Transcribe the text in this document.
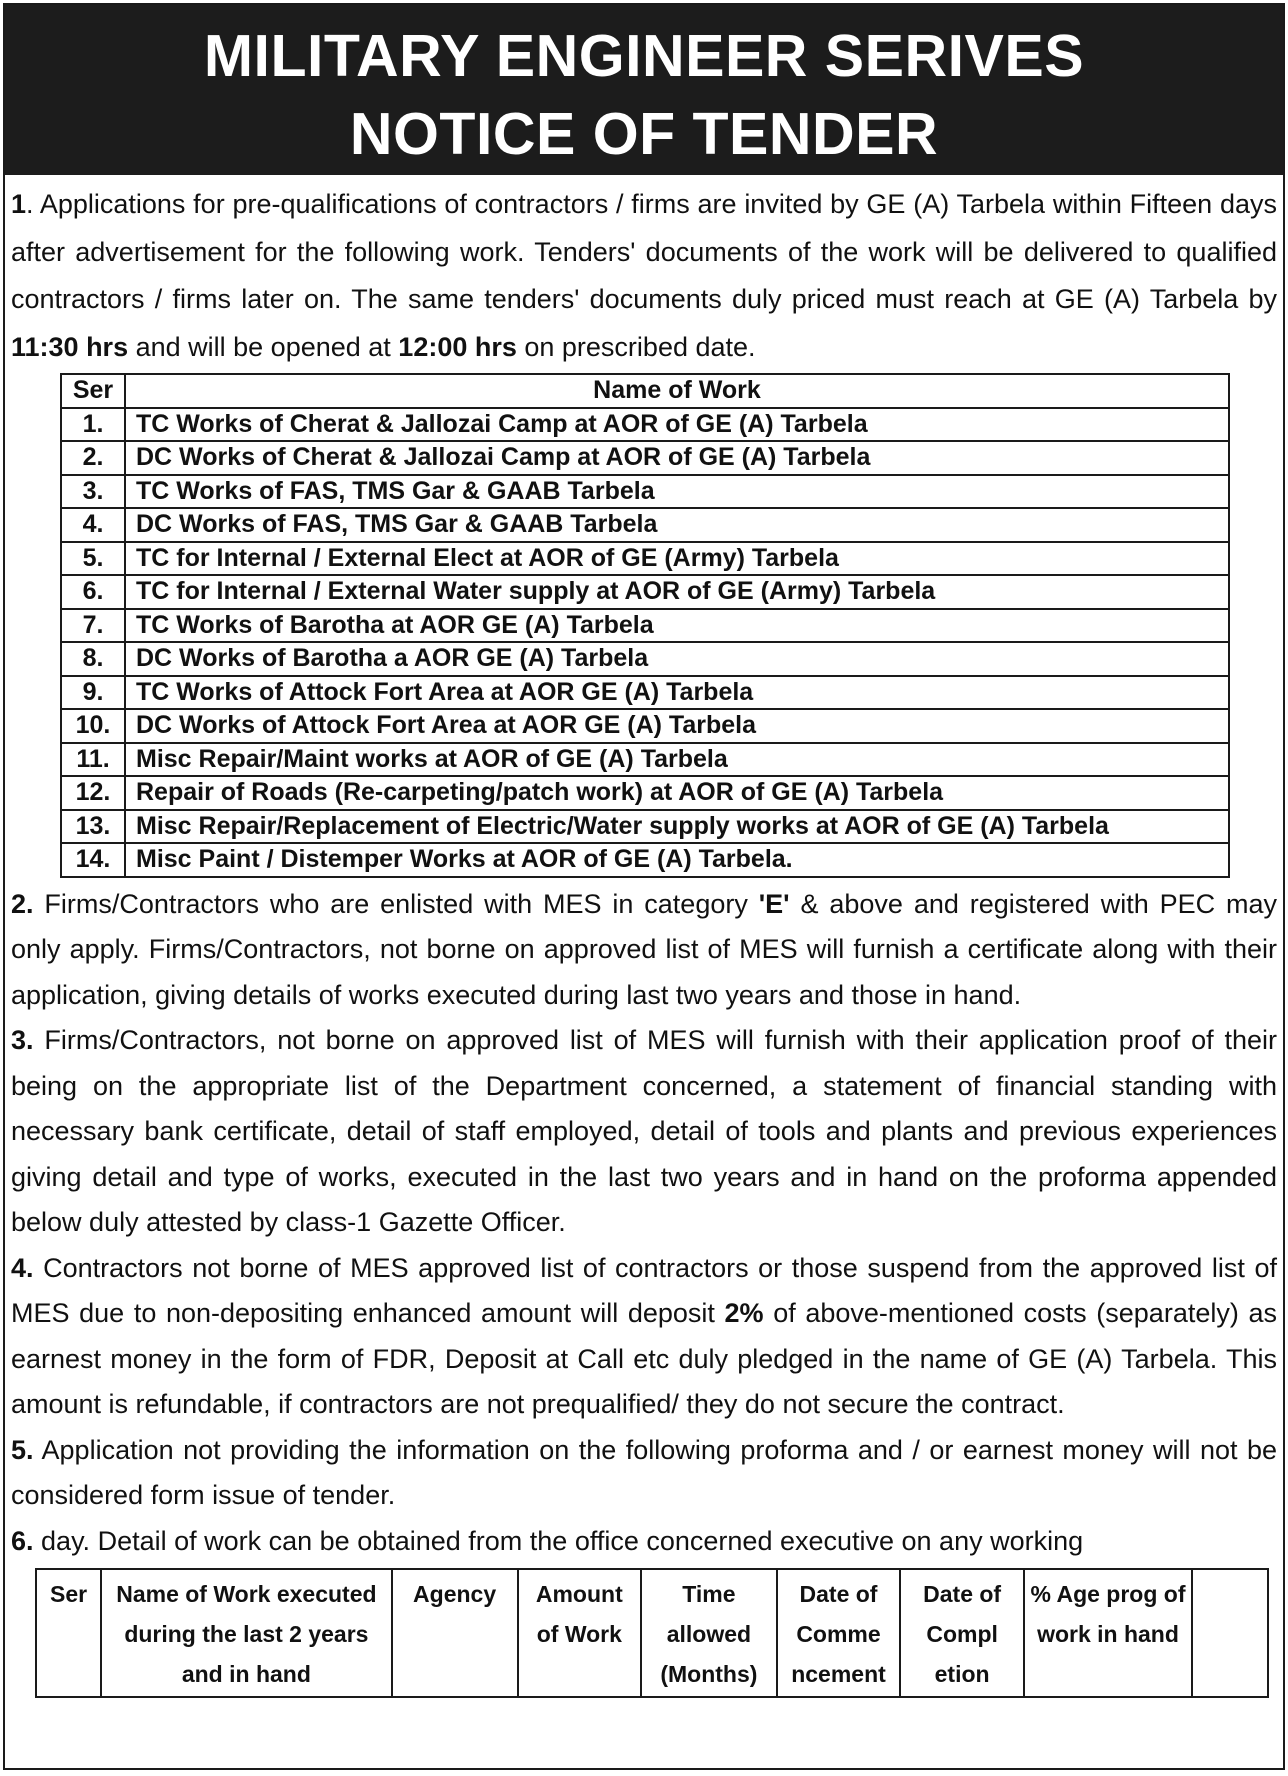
MILITARY ENGINEER SERIVES
NOTICE OF TENDER

1. Applications for pre-qualifications of contractors / firms are invited by GE (A) Tarbela within Fifteen days after advertisement for the following work. Tenders' documents of the work will be delivered to qualified contractors / firms later on. The same tenders' documents duly priced must reach at GE (A) Tarbela by 11:30 hrs and will be opened at 12:00 hrs on prescribed date.

Ser	Name of Work
1.	TC Works of Cherat & Jallozai Camp at AOR of GE (A) Tarbela
2.	DC Works of Cherat & Jallozai Camp at AOR of GE (A) Tarbela
3.	TC Works of FAS, TMS Gar & GAAB Tarbela
4.	DC Works of FAS, TMS Gar & GAAB Tarbela
5.	TC for Internal / External Elect at AOR of GE (Army) Tarbela
6.	TC for Internal / External Water supply at AOR of GE (Army) Tarbela
7.	TC Works of Barotha at AOR GE (A) Tarbela
8.	DC Works of Barotha a AOR GE (A) Tarbela
9.	TC Works of Attock Fort Area at AOR GE (A) Tarbela
10.	DC Works of Attock Fort Area at AOR GE (A) Tarbela
11.	Misc Repair/Maint works at AOR of GE (A) Tarbela
12.	Repair of Roads (Re-carpeting/patch work) at AOR of GE (A) Tarbela
13.	Misc Repair/Replacement of Electric/Water supply works at AOR of GE (A) Tarbela
14.	Misc Paint / Distemper Works at AOR of GE (A) Tarbela.

2. Firms/Contractors who are enlisted with MES in category 'E' & above and registered with PEC may only apply. Firms/Contractors, not borne on approved list of MES will furnish a certificate along with their application, giving details of works executed during last two years and those in hand.

3. Firms/Contractors, not borne on approved list of MES will furnish with their application proof of their being on the appropriate list of the Department concerned, a statement of financial standing with necessary bank certificate, detail of staff employed, detail of tools and plants and previous experiences giving detail and type of works, executed in the last two years and in hand on the proforma appended below duly attested by class-1 Gazette Officer.

4. Contractors not borne of MES approved list of contractors or those suspend from the approved list of MES due to non-depositing enhanced amount will deposit 2% of above-mentioned costs (separately) as earnest money in the form of FDR, Deposit at Call etc duly pledged in the name of GE (A) Tarbela. This amount is refundable, if contractors are not prequalified/ they do not secure the contract.

5. Application not providing the information on the following proforma and / or earnest money will not be considered form issue of tender.

6. day. Detail of work can be obtained from the office concerned executive on any working

Ser	Name of Work executed during the last 2 years and in hand	Agency	Amount of Work	Time allowed (Months)	Date of Comme ncement	Date of Compl etion	% Age prog of work in hand	
